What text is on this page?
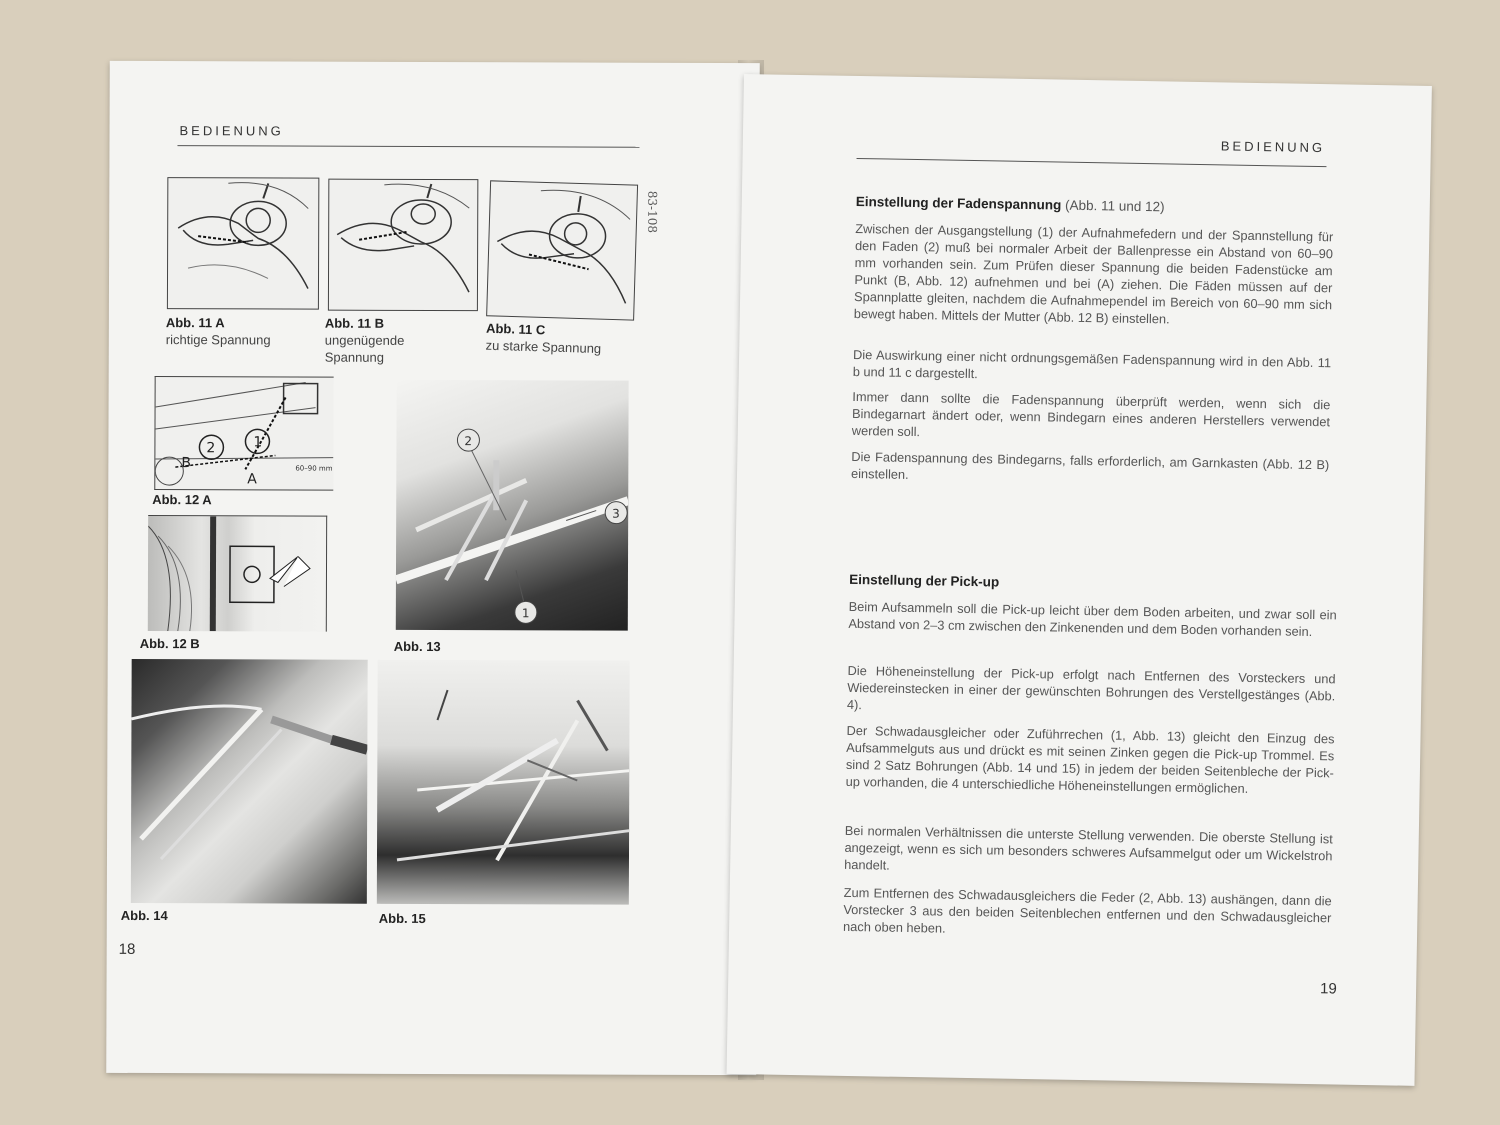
BEDIENUNG
Abb. 11 A
richtige Spannung
Abb. 11 B
ungenügende Spannung
83-108
Abb. 11 C
zu starke Spannung
2	1
B
A
60–90 mm
Abb. 12 A
Abb. 12 B
2
3
1
Abb. 13
Abb. 14	Abb. 15
18
BEDIENUNG
Einstellung der Fadenspannung (Abb. 11 und 12)
Zwischen der Ausgangstellung (1) der Aufnahmefedern und der Spannstellung für den Faden (2) muß bei normaler Arbeit der Ballenpresse ein Abstand von 60–90 mm vorhanden sein. Zum Prüfen dieser Spannung die beiden Fadenstücke am Punkt (B, Abb. 12) aufnehmen und bei (A) ziehen. Die Fäden müssen auf der Spannplatte gleiten, nachdem die Aufnahmependel im Bereich von 60–90 mm sich bewegt haben. Mittels der Mutter (Abb. 12 B) einstellen.
Die Auswirkung einer nicht ordnungsgemäßen Fadenspannung wird in den Abb. 11 b und 11 c dargestellt.
Immer dann sollte die Fadenspannung überprüft werden, wenn sich die Bindegarnart ändert oder, wenn Bindegarn eines anderen Herstellers verwendet werden soll.
Die Fadenspannung des Bindegarns, falls erforderlich, am Garnkasten (Abb. 12 B) einstellen.
Einstellung der Pick-up
Beim Aufsammeln soll die Pick-up leicht über dem Boden arbeiten, und zwar soll ein Abstand von 2–3 cm zwischen den Zinkenenden und dem Boden vorhanden sein.
Die Höheneinstellung der Pick-up erfolgt nach Entfernen des Vorsteckers und Wiedereinstecken in einer der gewünschten Bohrungen des Verstellgestänges (Abb. 4).
Der Schwadausgleicher oder Zuführrechen (1, Abb. 13) gleicht den Einzug des Aufsammelguts aus und drückt es mit seinen Zinken gegen die Pick-up Trommel. Es sind 2 Satz Bohrungen (Abb. 14 und 15) in jedem der beiden Seitenbleche der Pick-up vorhanden, die 4 unterschiedliche Höheneinstellungen ermöglichen.
Bei normalen Verhältnissen die unterste Stellung verwenden. Die oberste Stellung ist angezeigt, wenn es sich um besonders schweres Aufsammelgut oder um Wickelstroh handelt.
Zum Entfernen des Schwadausgleichers die Feder (2, Abb. 13) aushängen, dann die Vorstecker 3 aus den beiden Seitenblechen entfernen und den Schwadausgleicher nach oben heben.
19
